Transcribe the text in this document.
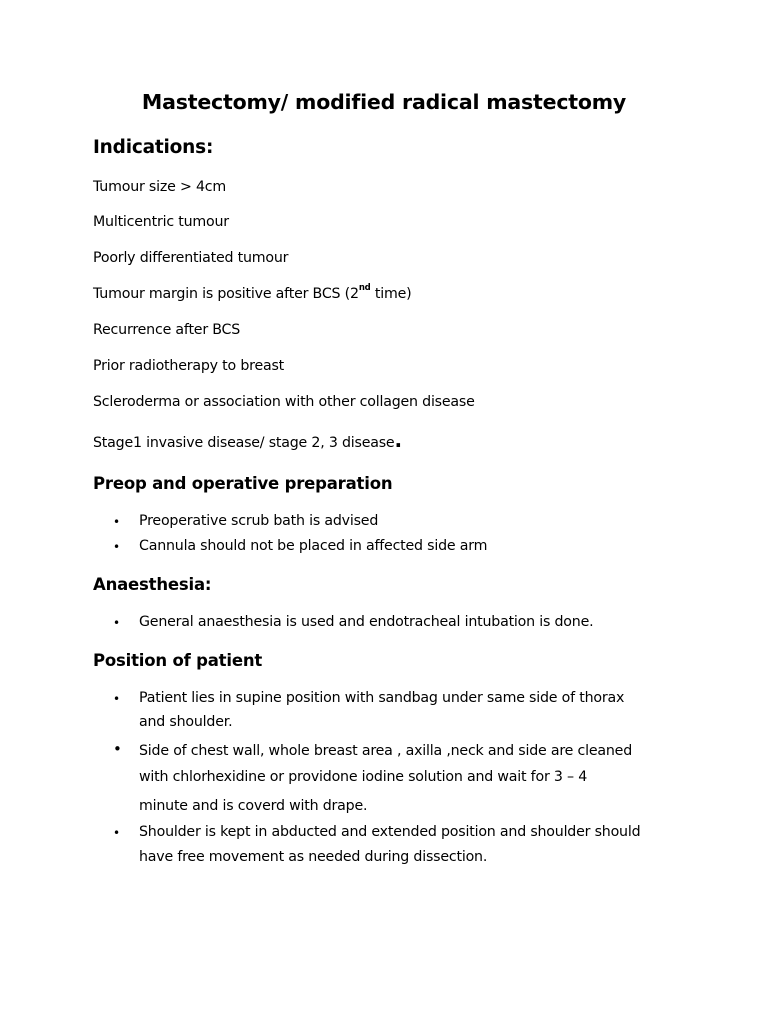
Mastectomy/ modified radical mastectomy
Indications:
Tumour size > 4cm
Multicentric tumour
Poorly differentiated tumour
Tumour margin is positive after BCS (2nd time)
Recurrence after BCS
Prior radiotherapy to breast
Scleroderma or association with other collagen disease
Stage1 invasive disease/ stage 2, 3 disease.
Preop and operative preparation
• Preoperative scrub bath is advised
• Cannula should not be placed in affected side arm
Anaesthesia:
• General anaesthesia is used and endotracheal intubation is done.
Position of patient
• Patient lies in supine position with sandbag under same side of thorax
and shoulder.
• Side of chest wall, whole breast area , axilla ,neck and side are cleaned
with chlorhexidine or providone iodine solution and wait for 3 – 4
minute and is coverd with drape.
• Shoulder is kept in abducted and extended position and shoulder should
have free movement as needed during dissection.
